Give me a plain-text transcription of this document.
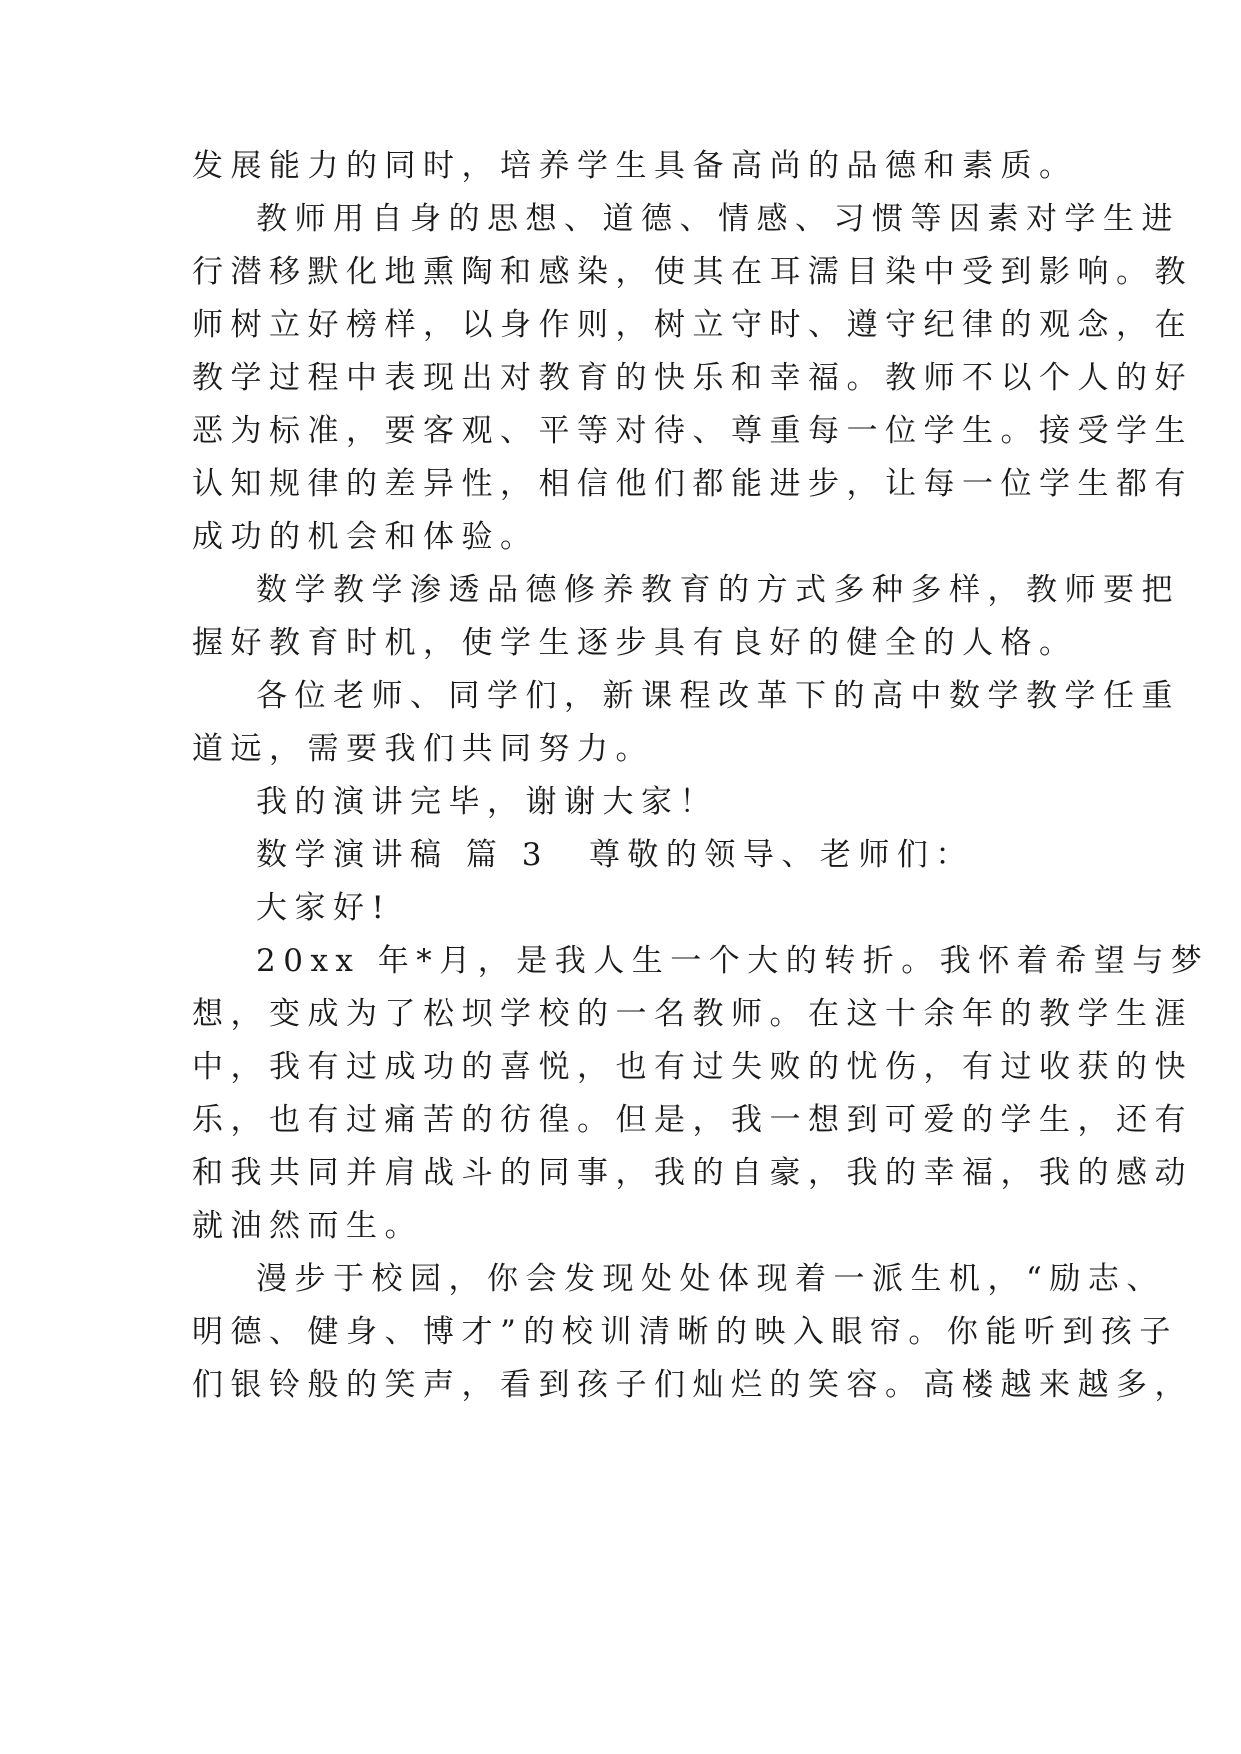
发展能力的同时，培养学生具备高尚的品德和素质。
教师用自身的思想、道德、情感、习惯等因素对学生进
行潜移默化地熏陶和感染，使其在耳濡目染中受到影响。教
师树立好榜样，以身作则，树立守时、遵守纪律的观念，在
教学过程中表现出对教育的快乐和幸福。教师不以个人的好
恶为标准，要客观、平等对待、尊重每一位学生。接受学生
认知规律的差异性，相信他们都能进步，让每一位学生都有
成功的机会和体验。
数学教学渗透品德修养教育的方式多种多样，教师要把
握好教育时机，使学生逐步具有良好的健全的人格。
各位老师、同学们，新课程改革下的高中数学教学任重
道远，需要我们共同努力。
我的演讲完毕，谢谢大家！
数学演讲稿 篇 3 尊敬的领导、老师们：
大家好!
20xx 年*月，是我人生一个大的转折。我怀着希望与梦
想，变成为了松坝学校的一名教师。在这十余年的教学生涯
中，我有过成功的喜悦，也有过失败的忧伤，有过收获的快
乐，也有过痛苦的彷徨。但是，我一想到可爱的学生，还有
和我共同并肩战斗的同事，我的自豪，我的幸福，我的感动
就油然而生。
漫步于校园，你会发现处处体现着一派生机，“励志、
明德、健身、博才”的校训清晰的映入眼帘。你能听到孩子
们银铃般的笑声，看到孩子们灿烂的笑容。高楼越来越多，
